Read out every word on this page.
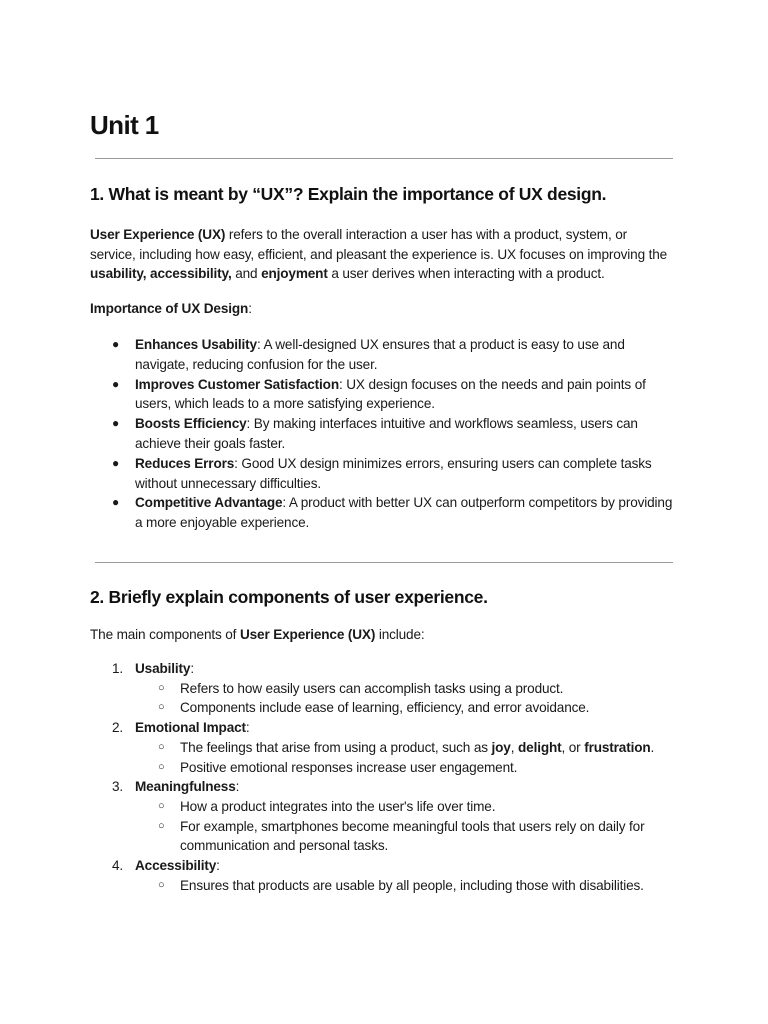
Unit 1
1. What is meant by “UX”? Explain the importance of UX design.

User Experience (UX) refers to the overall interaction a user has with a product, system, or service, including how easy, efficient, and pleasant the experience is. UX focuses on improving the usability, accessibility, and enjoyment a user derives when interacting with a product.

Importance of UX Design:

● Enhances Usability: A well-designed UX ensures that a product is easy to use and navigate, reducing confusion for the user.
● Improves Customer Satisfaction: UX design focuses on the needs and pain points of users, which leads to a more satisfying experience.
● Boosts Efficiency: By making interfaces intuitive and workflows seamless, users can achieve their goals faster.
● Reduces Errors: Good UX design minimizes errors, ensuring users can complete tasks without unnecessary difficulties.
● Competitive Advantage: A product with better UX can outperform competitors by providing a more enjoyable experience.
2. Briefly explain components of user experience.

The main components of User Experience (UX) include:

1. Usability:
○ Refers to how easily users can accomplish tasks using a product.
○ Components include ease of learning, efficiency, and error avoidance.
2. Emotional Impact:
○ The feelings that arise from using a product, such as joy, delight, or frustration.
○ Positive emotional responses increase user engagement.
3. Meaningfulness:
○ How a product integrates into the user's life over time.
○ For example, smartphones become meaningful tools that users rely on daily for communication and personal tasks.
4. Accessibility:
○ Ensures that products are usable by all people, including those with disabilities.
